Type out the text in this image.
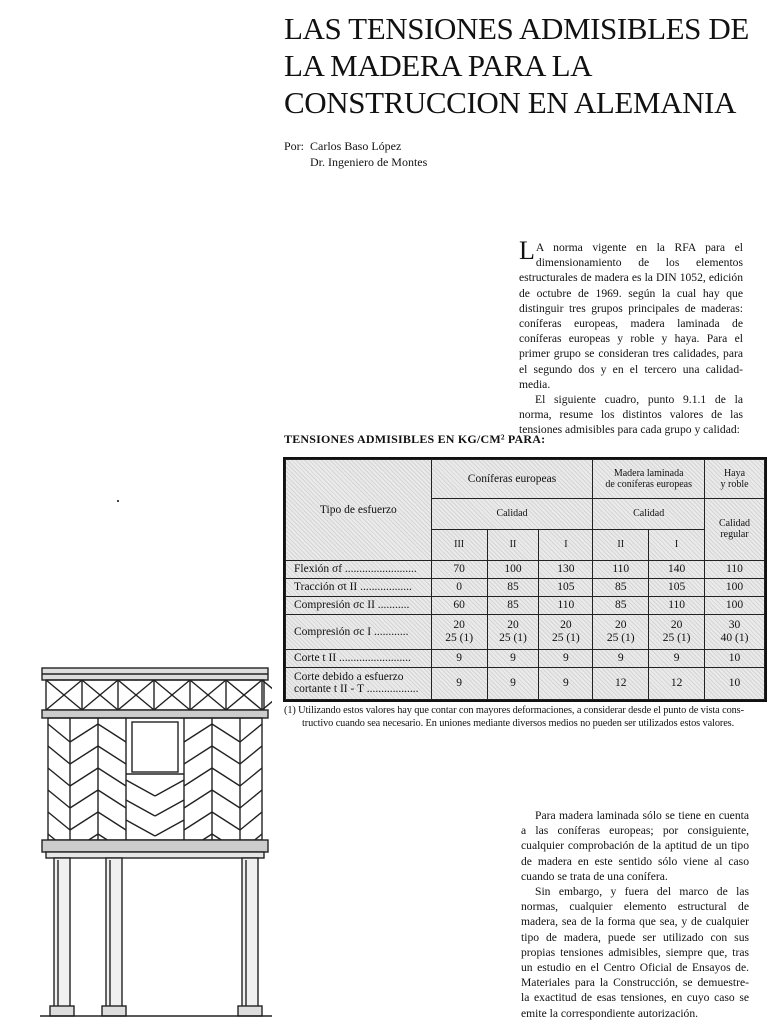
LAS TENSIONES ADMISIBLES DE LA MADERA PARA LA CONSTRUCCION EN ALEMANIA
Por: Carlos Baso López
Dr. Ingeniero de Montes

L A norma vigente en la RFA para el dimensionamiento de los elementos estructurales de madera es la DIN 1052, edición de octubre de 1969. según la cual hay que distinguir tres grupos principales de maderas: coníferas europeas, madera laminada de coníferas europeas y roble y haya. Para el primer grupo se consideran tres calidades, para el segundo dos y en el tercero una calidad-media.

El siguiente cuadro, punto 9.1.1 de la norma, resume los distintos valores de las tensiones admisibles para cada grupo y calidad:

TENSIONES ADMISIBLES EN KG/CM² PARA:
Tipo de esfuerzo	Coníferas europeas			Madera laminada
de coníferas europeas		Haya
y roble
	Calidad			Calidad		Calidad
regular
	III	II	I	II	I	
Flexión σf .........................	70	100	130	110	140	110
Tracción σt II ..................	0	85	105	85	105	100
Compresión σc II ...........	60	85	110	85	110	100
Compresión σc I ............	20
25 (1)	20
25 (1)	20
25 (1)	20
25 (1)	20
25 (1)	30
40 (1)
Corte t II .........................	9	9	9	9	9	10
Corte debido a esfuerzo cortante t II - T ..................	9	9	9	12	12	10
(1) Utilizando estos valores hay que contar con mayores deformaciones, a considerar desde el punto de vista cons-
tructivo cuando sea necesario. En uniones mediante diversos medios no pueden ser utilizados estos valores.

Para madera laminada sólo se tiene en cuenta a las coníferas europeas; por consiguiente, cualquier comprobación de la aptitud de un tipo de madera en este sentido sólo viene al caso cuando se trata de una conífera.

Sin embargo, y fuera del marco de las normas, cualquier elemento estructural de madera, sea de la forma que sea, y de cualquier tipo de madera, puede ser utilizado con sus propias tensiones admisibles, siempre que, tras un estudio en el Centro Oficial de Ensayos de. Materiales para la Construcción, se demuestre- la exactitud de esas tensiones, en cuyo caso se emite la correspondiente autorización.
